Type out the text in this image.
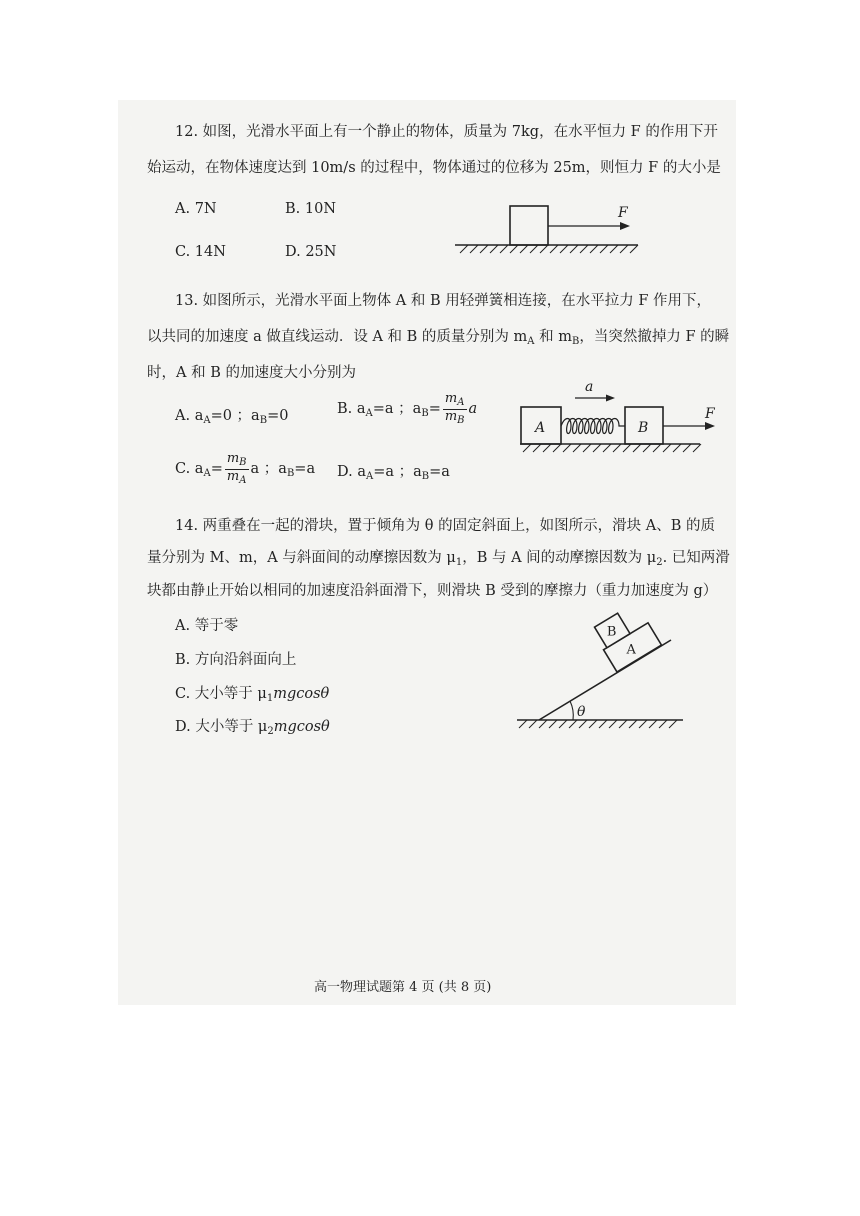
12. 如图，光滑水平面上有一个静止的物体，质量为 7kg，在水平恒力 F 的作用下开
始运动，在物体速度达到 10m/s 的过程中，物体通过的位移为 25m，则恒力 F 的大小是
A. 7N	B. 10N
C. 14N	D. 25N
F
13. 如图所示，光滑水平面上物体 A 和 B 用轻弹簧相连接，在水平拉力 F 作用下，
以共同的加速度 a 做直线运动．设 A 和 B 的质量分别为 $m_A$ 和 $m_B$，当突然撤掉力 F 的瞬
时，A 和 B 的加速度大小分别为
A. $a_A=0$ ；$a_B=0$	B. $a_A=a$ ；$a_B= \frac{m_A}{m_B}$ a
C. $a_A= \frac{m_B}{m_A}$ a ；$a_B=a$ D. $a_A=a$ ；$a_B=a$
A	B
F
a
14. 两重叠在一起的滑块，置于倾角为 θ 的固定斜面上，如图所示，滑块 A、B 的质
量分别为 M、m，A 与斜面间的动摩擦因数为 $\mu_1$，B 与 A 间的动摩擦因数为 $\mu_2$. 已知两滑
块都由静止开始以相同的加速度沿斜面滑下，则滑块 B 受到的摩擦力（重力加速度为 g）
A. 等于零
B. 方向沿斜面向上
C. 大小等于 $\mu_1mgcos\theta$
D. 大小等于 $\mu_2mgcos\theta$
θ
A
B
高一物理试题第 4 页 (共 8 页)
